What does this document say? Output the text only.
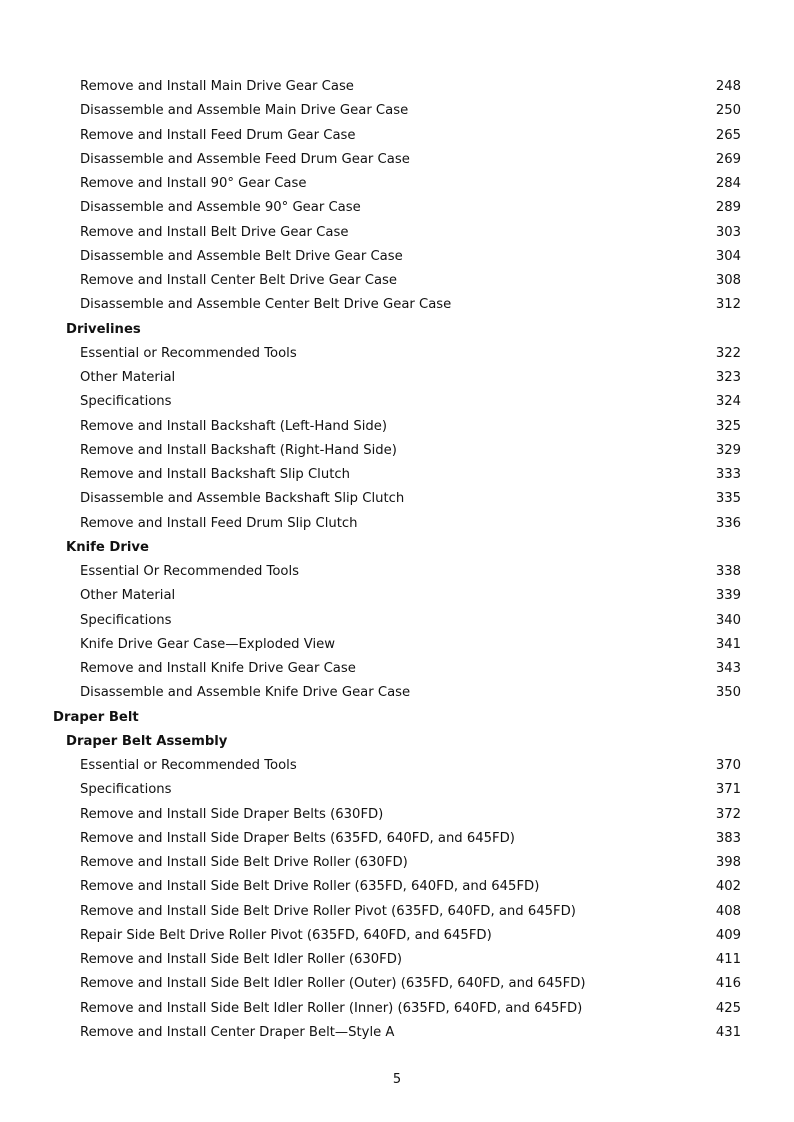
Remove and Install Main Drive Gear Case	248
Disassemble and Assemble Main Drive Gear Case	250
Remove and Install Feed Drum Gear Case	265
Disassemble and Assemble Feed Drum Gear Case	269
Remove and Install 90° Gear Case	284
Disassemble and Assemble 90° Gear Case	289
Remove and Install Belt Drive Gear Case	303
Disassemble and Assemble Belt Drive Gear Case	304
Remove and Install Center Belt Drive Gear Case	308
Disassemble and Assemble Center Belt Drive Gear Case	312
Drivelines
Essential or Recommended Tools	322
Other Material	323
Specifications	324
Remove and Install Backshaft (Left-Hand Side)	325
Remove and Install Backshaft (Right-Hand Side)	329
Remove and Install Backshaft Slip Clutch	333
Disassemble and Assemble Backshaft Slip Clutch	335
Remove and Install Feed Drum Slip Clutch	336
Knife Drive
Essential Or Recommended Tools	338
Other Material	339
Specifications	340
Knife Drive Gear Case—Exploded View	341
Remove and Install Knife Drive Gear Case	343
Disassemble and Assemble Knife Drive Gear Case	350
Draper Belt
Draper Belt Assembly
Essential or Recommended Tools	370
Specifications	371
Remove and Install Side Draper Belts (630FD)	372
Remove and Install Side Draper Belts (635FD, 640FD, and 645FD)	383
Remove and Install Side Belt Drive Roller (630FD)	398
Remove and Install Side Belt Drive Roller (635FD, 640FD, and 645FD)	402
Remove and Install Side Belt Drive Roller Pivot (635FD, 640FD, and 645FD)	408
Repair Side Belt Drive Roller Pivot (635FD, 640FD, and 645FD)	409
Remove and Install Side Belt Idler Roller (630FD)	411
Remove and Install Side Belt Idler Roller (Outer) (635FD, 640FD, and 645FD)	416
Remove and Install Side Belt Idler Roller (Inner) (635FD, 640FD, and 645FD)	425
Remove and Install Center Draper Belt—Style A	431
5
